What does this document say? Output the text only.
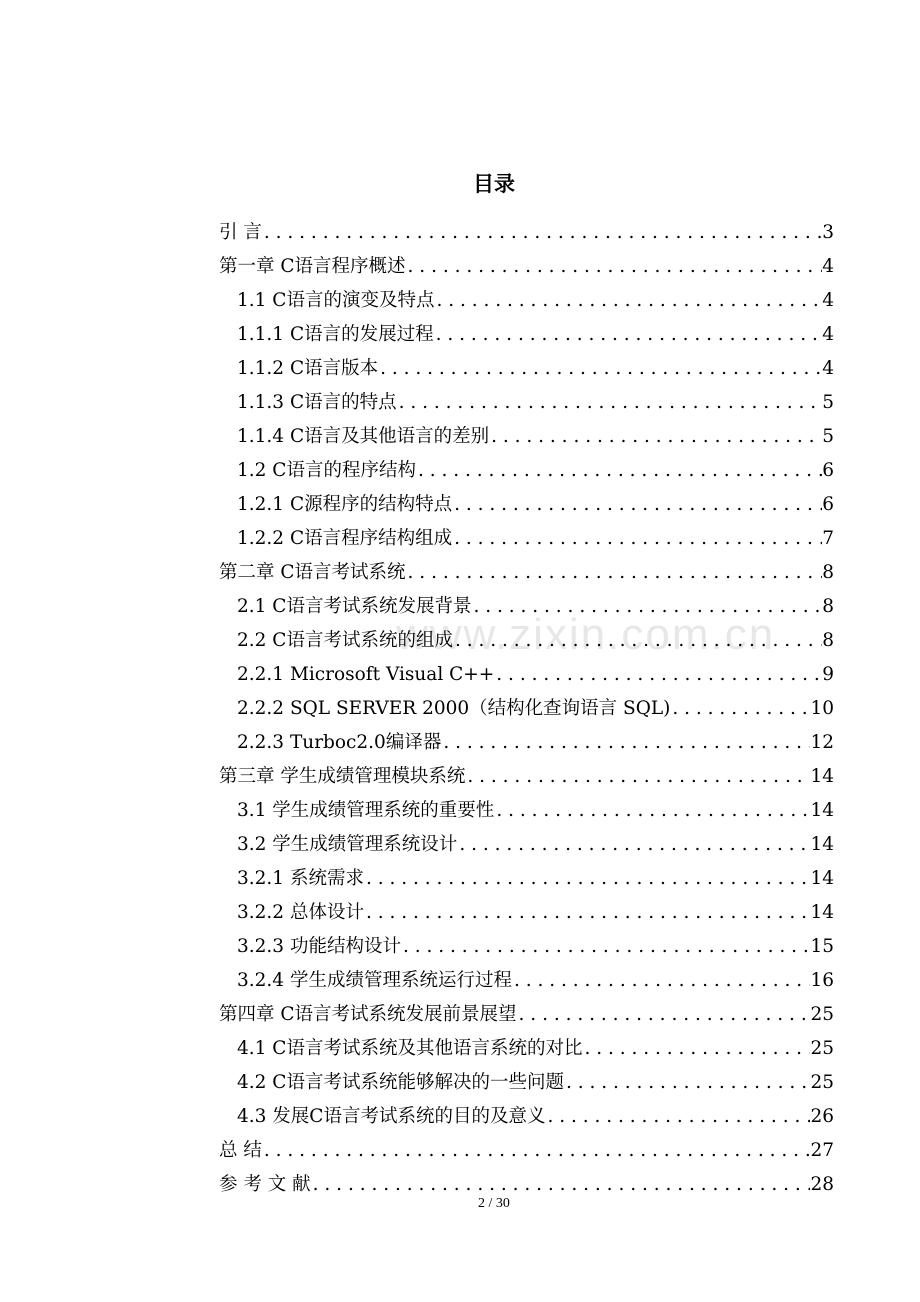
目录
www.zixin.com.cn
引 言 . . .	3
第一章 C语言程序概述 . . .	4
1.1 C语言的演变及特点 . . .	4
1.1.1 C语言的发展过程 . . .	4
1.1.2 C语言版本 . . .	4
1.1.3 C语言的特点 . . .	5
1.1.4 C语言及其他语言的差别 . . .	5
1.2 C语言的程序结构 . . .	6
1.2.1 C源程序的结构特点 . . .	6
1.2.2 C语言程序结构组成 . . .	7
第二章 C语言考试系统 . . .	8
2.1 C语言考试系统发展背景 . . .	8
2.2 C语言考试系统的组成 . . .	8
2.2.1 Microsoft Visual C++ . . .	9
2.2.2 SQL SERVER 2000（结构化查询语言 SQL) . . .	10
2.2.3 Turboc2.0编译器 . . .	12
第三章 学生成绩管理模块系统 . . .	14
3.1 学生成绩管理系统的重要性 . . .	14
3.2 学生成绩管理系统设计 . . .	14
3.2.1 系统需求 . . .	14
3.2.2 总体设计 . . .	14
3.2.3 功能结构设计 . . .	15
3.2.4 学生成绩管理系统运行过程 . . .	16
第四章 C语言考试系统发展前景展望 . . .	25
4.1 C语言考试系统及其他语言系统的对比 . . .	25
4.2 C语言考试系统能够解决的一些问题 . . .	25
4.3 发展C语言考试系统的目的及意义 . . .	26
总 结 . . .	27
参 考 文 献 . . .	28
2 / 30
